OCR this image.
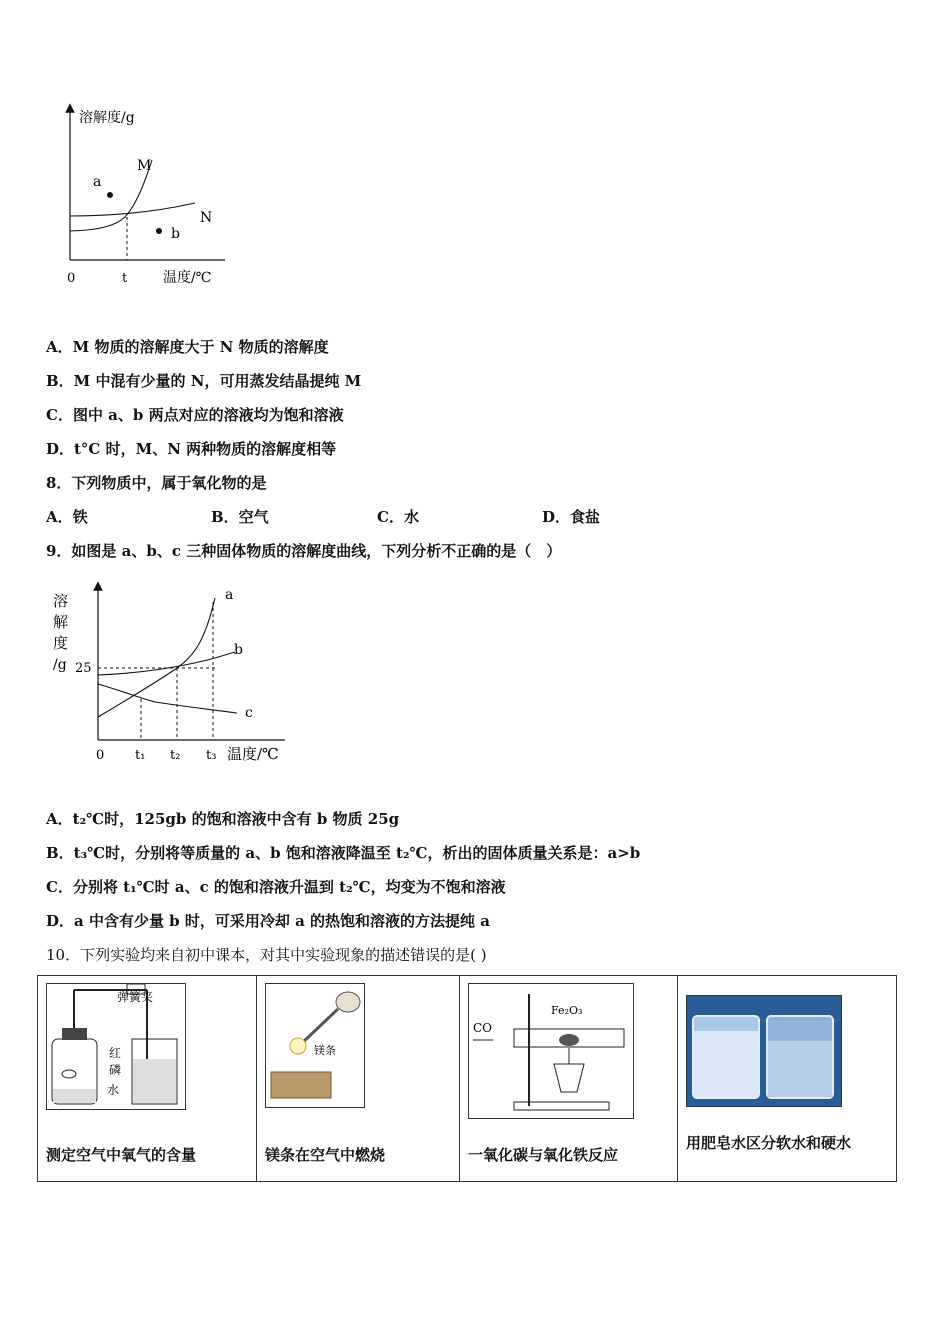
溶解度/g
温度/℃
0	t
M
N
a
b
A．M 物质的溶解度大于 N 物质的溶解度
B．M 中混有少量的 N，可用蒸发结晶提纯 M
C．图中 a、b 两点对应的溶液均为饱和溶液
D．t°C 时，M、N 两种物质的溶解度相等
8．下列物质中，属于氧化物的是
A．铁	B．空气	C．水	D．食盐
9．如图是 a、b、c 三种固体物质的溶解度曲线，下列分析不正确的是（　）
溶
解
度
/g 25
0 t₁ t₂ t₃ 温度/℃
a
b
c
A．t₂℃时，125gb 的饱和溶液中含有 b 物质 25g
B．t₃℃时，分别将等质量的 a、b 饱和溶液降温至 t₂℃，析出的固体质量关系是：a>b
C．分别将 t₁℃时 a、c 的饱和溶液升温到 t₂℃，均变为不饱和溶液
D．a 中含有少量 b 时，可采用冷却 a 的热饱和溶液的方法提纯 a
10．下列实验均来自初中课本，对其中实验现象的描述错误的是( )
弹簧夹
红
磷
水
测定空气中氧气的含量

镁条
镁条在空气中燃烧

CO
Fe₂O₃
一氧化碳与氧化铁反应

用肥皂水区分软水和硬水
